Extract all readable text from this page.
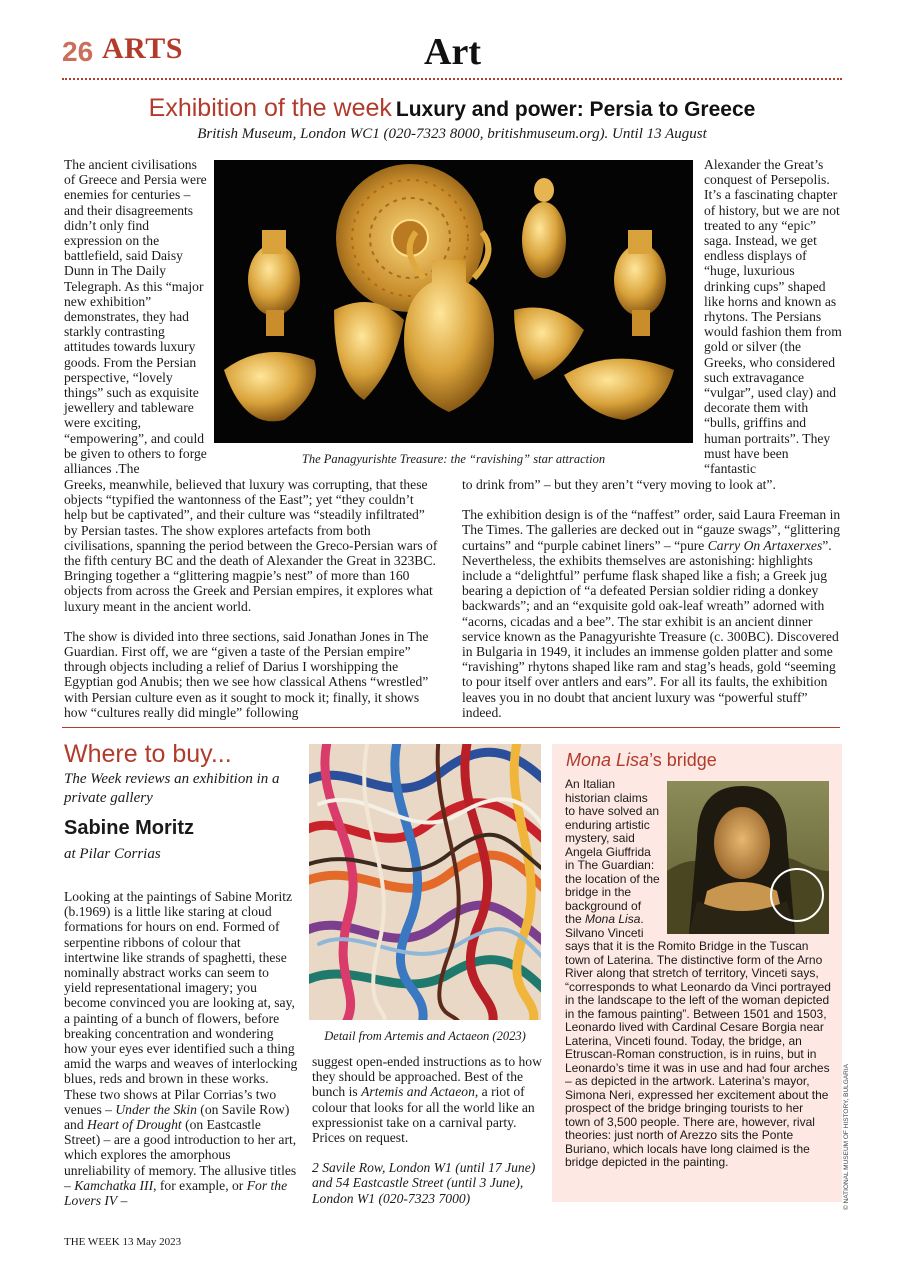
26 ARTS	Art
Exhibition of the week Luxury and power: Persia to Greece
British Museum, London WC1 (020-7323 8000, britishmuseum.org). Until 13 August
The Panagyurishte Treasure: the “ravishing” star attraction

The ancient civilisations of Greece and Persia were enemies for centuries – and their disagreements didn’t only find expression on the battlefield, said Daisy Dunn in The Daily Telegraph. As this “major new exhibition” demonstrates, they had starkly contrasting attitudes towards luxury goods. From the Persian perspective, “lovely things” such as exquisite jewellery and tableware were exciting, “empowering”, and could be given to others to forge alliances .The

Alexander the Great’s conquest of Persepolis. It’s a fascinating chapter of history, but we are not treated to any “epic” saga. Instead, we get endless displays of “huge, luxurious drinking cups” shaped like horns and known as rhytons. The Persians would fashion them from gold or silver (the Greeks, who considered such extravagance “vulgar”, used clay) and decorate them with “bulls, griffins and human portraits”. They must have been “fantastic

Greeks, meanwhile, believed that luxury was corrupting, that these objects “typified the wantonness of the East”; yet “they couldn’t help but be captivated”, and their culture was “steadily infiltrated” by Persian tastes. The show explores artefacts from both civilisations, spanning the period between the Greco-Persian wars of the fifth century BC and the death of Alexander the Great in 323BC. Bringing together a “glittering magpie’s nest” of more than 160 objects from across the Greek and Persian empires, it explores what luxury meant in the ancient world.

The show is divided into three sections, said Jonathan Jones in The Guardian. First off, we are “given a taste of the Persian empire” through objects including a relief of Darius I worshipping the Egyptian god Anubis; then we see how classical Athens “wrestled” with Persian culture even as it sought to mock it; finally, it shows how “cultures really did mingle” following

to drink from” – but they aren’t “very moving to look at”.

The exhibition design is of the “naffest” order, said Laura Freeman in The Times. The galleries are decked out in “gauze swags”, “glittering curtains” and “purple cabinet liners” – “pure Carry On Artaxerxes”. Nevertheless, the exhibits themselves are astonishing: highlights include a “delightful” perfume flask shaped like a fish; a Greek jug bearing a depiction of “a defeated Persian soldier riding a donkey backwards”; and an “exquisite gold oak-leaf wreath” adorned with “acorns, cicadas and a bee”. The star exhibit is an ancient dinner service known as the Panagyurishte Treasure (c. 300BC). Discovered in Bulgaria in 1949, it includes an immense golden platter and some “ravishing” rhytons shaped like ram and stag’s heads, gold “seeming to pour itself over antlers and ears”. For all its faults, the exhibition leaves you in no doubt that ancient luxury was “powerful stuff” indeed.

Where to buy...
The Week reviews an exhibition in a private gallery
Sabine Moritz
at Pilar Corrias

Looking at the paintings of Sabine Moritz (b.1969) is a little like staring at cloud formations for hours on end. Formed of serpentine ribbons of colour that intertwine like strands of spaghetti, these nominally abstract works can seem to yield representational imagery; you become convinced you are looking at, say, a painting of a bunch of flowers, before breaking concentration and wondering how your eyes ever identified such a thing amid the warps and weaves of interlocking blues, reds and brown in these works. These two shows at Pilar Corrias’s two venues – Under the Skin (on Savile Row) and Heart of Drought (on Eastcastle Street) – are a good introduction to her art, which explores the amorphous unreliability of memory. The allusive titles – Kamchatka III, for example, or For the Lovers IV –

Detail from Artemis and Actaeon (2023)

suggest open-ended instructions as to how they should be approached. Best of the bunch is Artemis and Actaeon, a riot of colour that looks for all the world like an expressionist take on a carnival party. Prices on request.

2 Savile Row, London W1 (until 17 June) and 54 Eastcastle Street (until 3 June), London W1 (020-7323 7000)

Mona Lisa’s bridge
An Italian historian claims to have solved an enduring artistic mystery, said Angela Giuffrida in The Guardian: the location of the bridge in the background of the Mona Lisa. Silvano Vinceti says that it is the Romito Bridge in the Tuscan town of Laterina. The distinctive form of the Arno River along that stretch of territory, Vinceti says, “corresponds to what Leonardo da Vinci portrayed in the landscape to the left of the woman depicted in the famous painting”. Between 1501 and 1503, Leonardo lived with Cardinal Cesare Borgia near Laterina, Vinceti found. Today, the bridge, an Etruscan-Roman construction, is in ruins, but in Leonardo’s time it was in use and had four arches – as depicted in the artwork. Laterina’s mayor, Simona Neri, expressed her excitement about the prospect of the bridge bringing tourists to her town of 3,500 people. There are, however, rival theories: just north of Arezzo sits the Ponte Buriano, which locals have long claimed is the bridge depicted in the painting.	© NATIONAL MUSEUM OF HISTORY, BULGARIA
THE WEEK 13 May 2023
